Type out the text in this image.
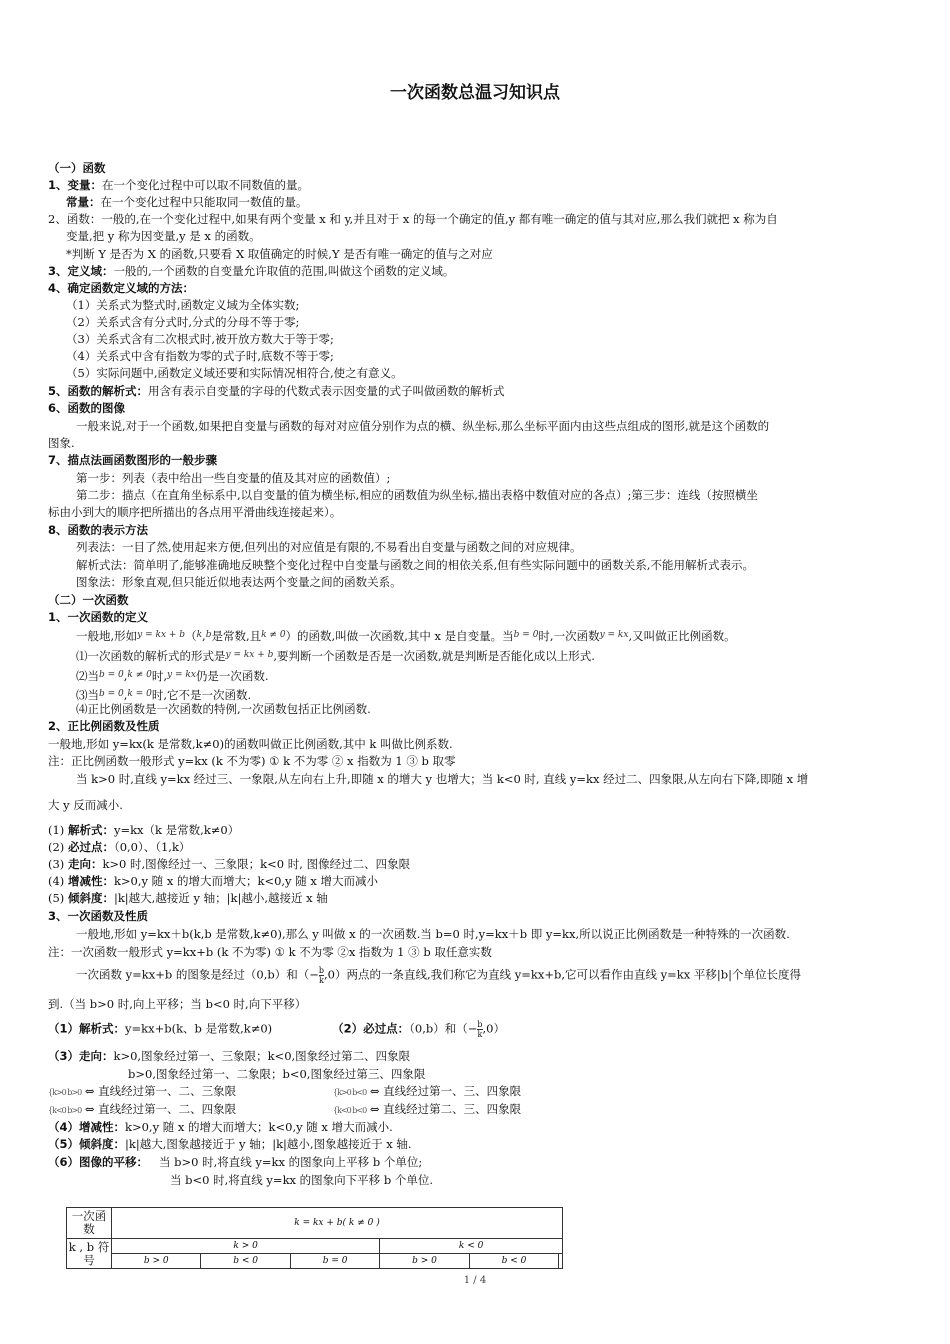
一次函数总温习知识点
（一）函数
1、变量：在一个变化过程中可以取不同数值的量。
常量：在一个变化过程中只能取同一数值的量。
2、函数：一般的,在一个变化过程中,如果有两个变量 x 和 y,并且对于 x 的每一个确定的值,y 都有唯一确定的值与其对应,那么我们就把 x 称为自
变量,把 y 称为因变量,y 是 x 的函数。
*判断 Y 是否为 X 的函数,只要看 X 取值确定的时候,Y 是否有唯一确定的值与之对应
3、定义域：一般的,一个函数的自变量允许取值的范围,叫做这个函数的定义域。
4、确定函数定义域的方法：
（1）关系式为整式时,函数定义域为全体实数;
（2）关系式含有分式时,分式的分母不等于零;
（3）关系式含有二次根式时,被开放方数大于等于零;
（4）关系式中含有指数为零的式子时,底数不等于零;
（5）实际问题中,函数定义域还要和实际情况相符合,使之有意义。
5、函数的解析式：用含有表示自变量的字母的代数式表示因变量的式子叫做函数的解析式
6、函数的图像
一般来说,对于一个函数,如果把自变量与函数的每对对应值分别作为点的横、纵坐标,那么坐标平面内由这些点组成的图形,就是这个函数的
图象.
7、描点法画函数图形的一般步骤
第一步：列表（表中给出一些自变量的值及其对应的函数值）;
第二步：描点（在直角坐标系中,以自变量的值为横坐标,相应的函数值为纵坐标,描出表格中数值对应的各点）;第三步：连线（按照横坐
标由小到大的顺序把所描出的各点用平滑曲线连接起来）。
8、函数的表示方法
列表法：一目了然,使用起来方便,但列出的对应值是有限的,不易看出自变量与函数之间的对应规律。
解析式法：简单明了,能够准确地反映整个变化过程中自变量与函数之间的相依关系,但有些实际问题中的函数关系,不能用解析式表示。
图象法：形象直观,但只能近似地表达两个变量之间的函数关系。
（二）一次函数
1、一次函数的定义
一般地,形如$^{y = kx + b}$（$^k$,$^b$是常数,且$^{k \ne 0}$）的函数,叫做一次函数,其中 x 是自变量。当$^{b = 0}$时,一次函数$^{y = kx}$,又叫做正比例函数。
⑴一次函数的解析式的形式是$^{y = kx + b}$,要判断一个函数是否是一次函数,就是判断是否能化成以上形式.
⑵当$^{b = 0}$,$^{k \ne 0}$时,$^{y = kx}$仍是一次函数.
⑶当$^{b = 0}$,$^{k = 0}$时,它不是一次函数.
⑷正比例函数是一次函数的特例,一次函数包括正比例函数.
2、正比例函数及性质
一般地,形如 y=kx(k 是常数,k≠0)的函数叫做正比例函数,其中 k 叫做比例系数.
注：正比例函数一般形式 y=kx (k 不为零) ① k 不为零 ② x 指数为 1 ③ b 取零
当 k>0 时,直线 y=kx 经过三、一象限,从左向右上升,即随 x 的增大 y 也增大；当 k<0 时, 直线 y=kx 经过二、四象限,从左向右下降,即随 x 增
大 y 反而减小.
(1) 解析式：y=kx（k 是常数,k≠0）
(2) 必过点：（0,0）、（1,k）
(3) 走向：k>0 时,图像经过一、三象限；k<0 时, 图像经过二、四象限
(4) 增减性：k>0,y 随 x 的增大而增大；k<0,y 随 x 增大而减小
(5) 倾斜度：|k|越大,越接近 y 轴；|k|越小,越接近 x 轴
3、一次函数及性质
一般地,形如 y=kx＋b(k,b 是常数,k≠0),那么 y 叫做 x 的一次函数.当 b=0 时,y=kx＋b 即 y=kx,所以说正比例函数是一种特殊的一次函数.
注：一次函数一般形式 y=kx+b (k 不为零) ① k 不为零 ②x 指数为 1 ③ b 取任意实数
一次函数 y=kx+b 的图象是经过（0,b）和（− $\frac{b}{k} ,0$）两点的一条直线,我们称它为直线 y=kx+b,它可以看作由直线 y=kx 平移|b|个单位长度得
到.（当 b>0 时,向上平移；当 b<0 时,向下平移）
（1）解析式：y=kx+b(k、b 是常数,k≠0)	（2）必过点：（0,b）和（− $\frac{b}{k} ,0$）
（3）走向：k>0,图象经过第一、三象限；k<0,图象经过第二、四象限
b>0,图象经过第一、二象限；b<0,图象经过第三、四象限
{k>0 b>0 ⇔ 直线经过第一、二、三象限	{k>0 b<0 ⇔ 直线经过第一、三、四象限
{k<0 b>0 ⇔ 直线经过第一、二、四象限	{k<0 b<0 ⇔ 直线经过第二、三、四象限
（4）增减性：k>0,y 随 x 的增大而增大；k<0,y 随 x 增大而减小.
（5）倾斜度：|k|越大,图象越接近于 y 轴；|k|越小,图象越接近于 x 轴.
（6）图像的平移： 当 b>0 时,将直线 y=kx 的图象向上平移 b 个单位;
当 b<0 时,将直线 y=kx 的图象向下平移 b 个单位.
一次函数	k = kx + b( k ≠ 0 )					
k , b 符号	k > 0			k < 0		
	b > 0	b < 0	b = 0	b > 0	b < 0	
1 / 4
